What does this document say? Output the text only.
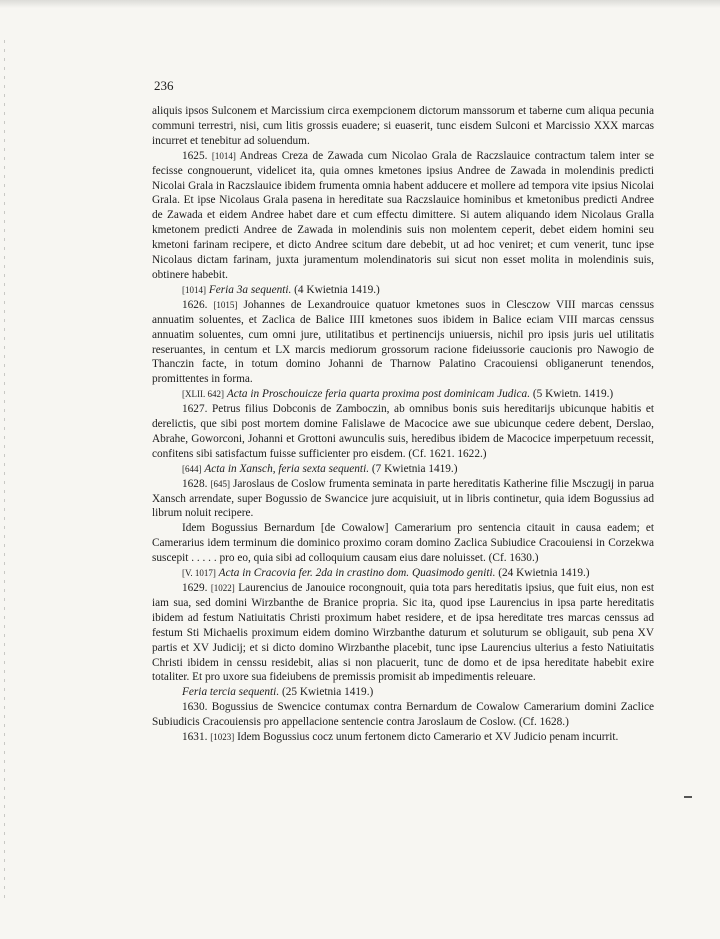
236

aliquis ipsos Sulconem et Marcissium circa exempcionem dictorum manssorum et taberne cum aliqua pecunia communi terrestri, nisi, cum litis grossis euadere; si euaserit, tunc eisdem Sulconi et Marcissio XXX marcas incurret et tenebitur ad soluendum.

1625. [1014] Andreas Creza de Zawada cum Nicolao Grala de Raczslauice contractum talem inter se fecisse congnouerunt, videlicet ita, quia omnes kmetones ipsius Andree de Zawada in molendinis predicti Nicolai Grala in Raczslauice ibidem frumenta omnia habent adducere et mollere ad tempora vite ipsius Nicolai Grala. Et ipse Nicolaus Grala pasena in hereditate sua Raczslauice hominibus et kmetonibus predicti Andree de Zawada et eidem Andree habet dare et cum effectu dimittere. Si autem aliquando idem Nicolaus Gralla kmetonem predicti Andree de Zawada in molendinis suis non molentem ceperit, debet eidem homini seu kmetoni farinam recipere, et dicto Andree scitum dare debebit, ut ad hoc veniret; et cum venerit, tunc ipse Nicolaus dictam farinam, juxta juramentum molendinatoris sui sicut non esset molita in molendinis suis, obtinere habebit.

[1014] Feria 3a sequenti. (4 Kwietnia 1419.)

1626. [1015] Johannes de Lexandrouice quatuor kmetones suos in Clesczow VIII marcas censsus annuatim soluentes, et Zaclica de Balice IIII kmetones suos ibidem in Balice eciam VIII marcas censsus annuatim soluentes, cum omni jure, utilitatibus et pertinencijs uniuersis, nichil pro ipsis juris uel utilitatis reseruantes, in centum et LX marcis mediorum grossorum racione fideiussorie caucionis pro Nawogio de Thanczin facte, in totum domino Johanni de Tharnow Palatino Cracouiensi obliganerunt tenendos, promittentes in forma.

[XLII. 642] Acta in Proschouicze feria quarta proxima post dominicam Judica. (5 Kwietn. 1419.)

1627. Petrus filius Dobconis de Zamboczin, ab omnibus bonis suis hereditarijs ubicunque habitis et derelictis, que sibi post mortem domine Falislawe de Macocice awe sue ubicunque cedere debent, Derslao, Abrahe, Goworconi, Johanni et Grottoni awunculis suis, heredibus ibidem de Macocice imperpetuum recessit, confitens sibi satisfactum fuisse sufficienter pro eisdem. (Cf. 1621. 1622.)

[644] Acta in Xansch, feria sexta sequenti. (7 Kwietnia 1419.)

1628. [645] Jaroslaus de Coslow frumenta seminata in parte hereditatis Katherine filie Msczugij in parua Xansch arrendate, super Bogussio de Swancice jure acquisiuit, ut in libris continetur, quia idem Bogussius ad librum noluit recipere.

Idem Bogussius Bernardum [de Cowalow] Camerarium pro sentencia citauit in causa eadem; et Camerarius idem terminum die dominico proximo coram domino Zaclica Subiudice Cracouiensi in Corzekwa suscepit . . . . . pro eo, quia sibi ad colloquium causam eius dare noluisset. (Cf. 1630.)

[V. 1017] Acta in Cracovia fer. 2da in crastino dom. Quasimodo geniti. (24 Kwietnia 1419.)

1629. [1022] Laurencius de Janouice rocongnouit, quia tota pars hereditatis ipsius, que fuit eius, non est iam sua, sed domini Wirzbanthe de Branice propria. Sic ita, quod ipse Laurencius in ipsa parte hereditatis ibidem ad festum Natiuitatis Christi proximum habet residere, et de ipsa hereditate tres marcas censsus ad festum Sti Michaelis proximum eidem domino Wirzbanthe daturum et soluturum se obligauit, sub pena XV partis et XV Judicij; et si dicto domino Wirzbanthe placebit, tunc ipse Laurencius ulterius a festo Natiuitatis Christi ibidem in censsu residebit, alias si non placuerit, tunc de domo et de ipsa hereditate habebit exire totaliter. Et pro uxore sua fideiubens de premissis promisit ab impedimentis releuare.

Feria tercia sequenti. (25 Kwietnia 1419.)

1630. Bogussius de Swencice contumax contra Bernardum de Cowalow Camerarium domini Zaclice Subiudicis Cracouiensis pro appellacione sentencie contra Jaroslaum de Coslow. (Cf. 1628.)

1631. [1023] Idem Bogussius cocz unum fertonem dicto Camerario et XV Judicio penam incurrit.
